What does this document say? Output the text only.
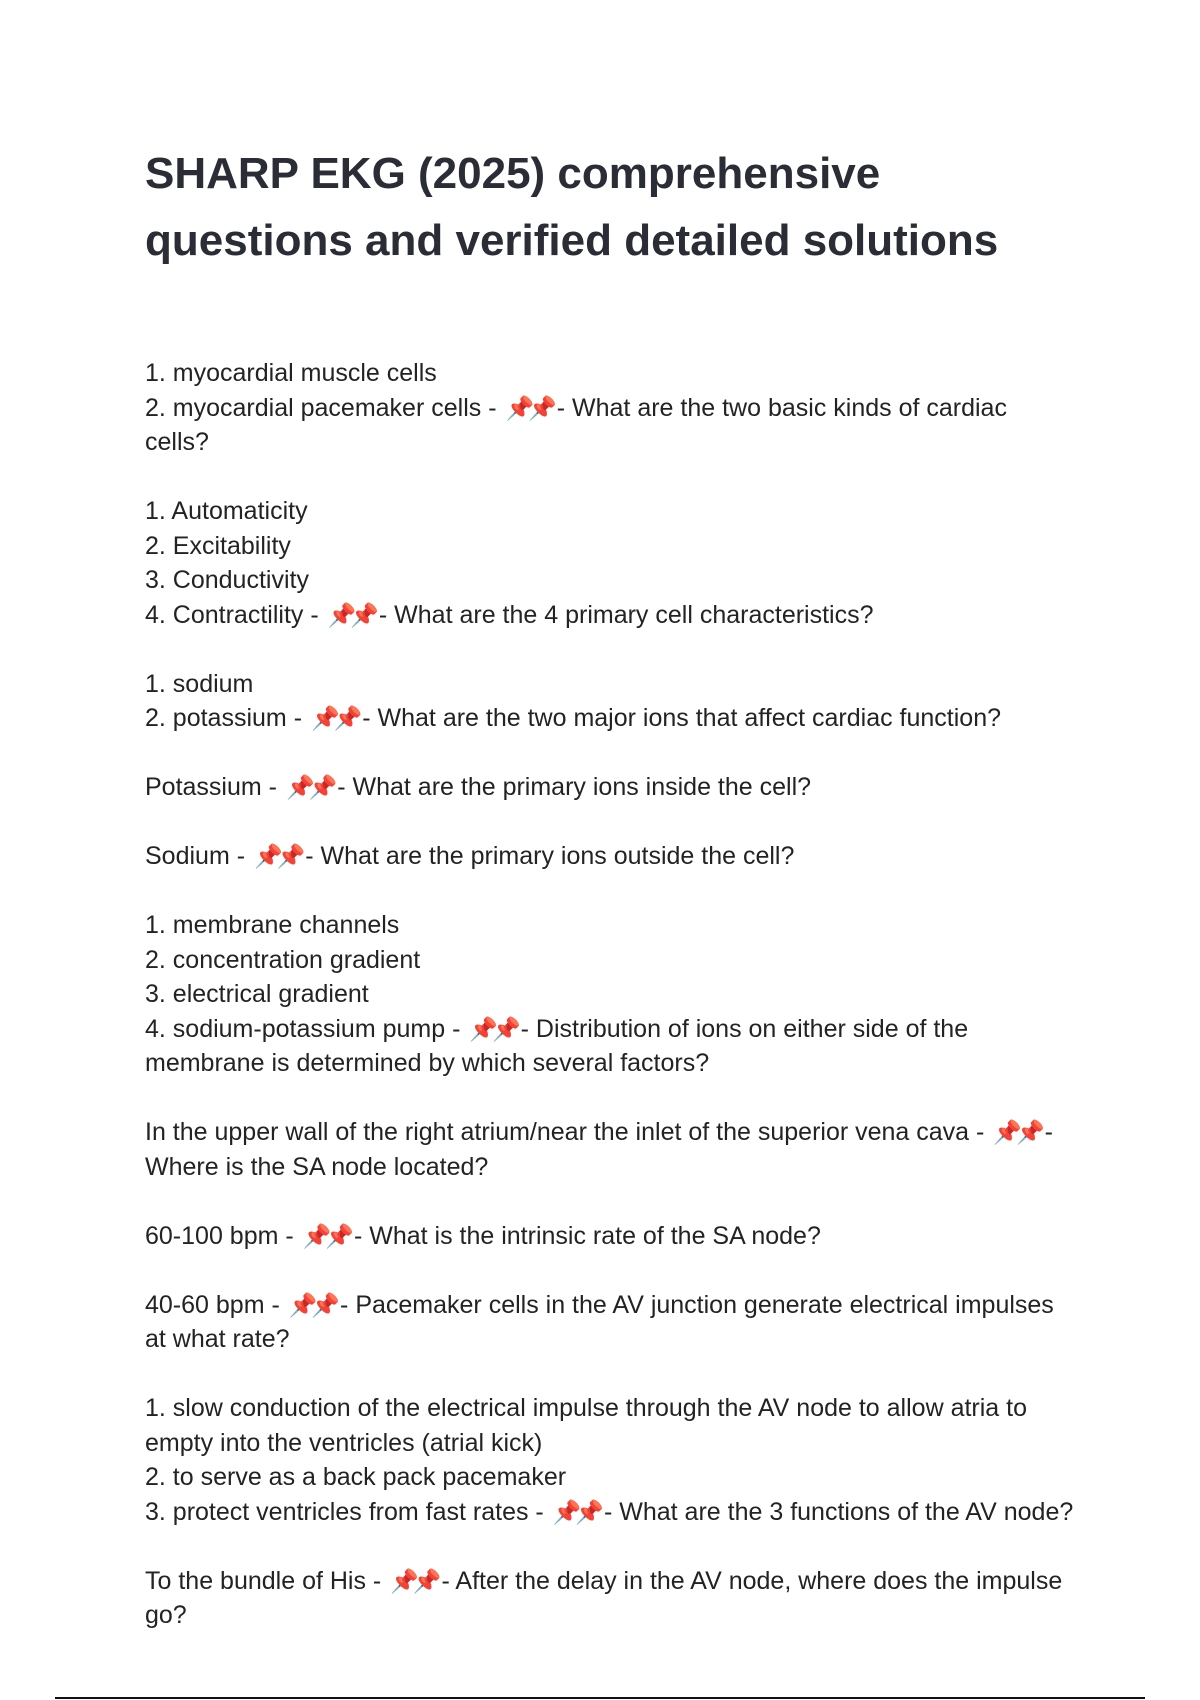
SHARP EKG (2025) comprehensive questions and verified detailed solutions
1. myocardial muscle cells
2. myocardial pacemaker cells - 📌📌 - What are the two basic kinds of cardiac cells?
1. Automaticity
2. Excitability
3. Conductivity
4. Contractility - 📌📌 - What are the 4 primary cell characteristics?
1. sodium
2. potassium - 📌📌 - What are the two major ions that affect cardiac function?
Potassium - 📌📌 - What are the primary ions inside the cell?
Sodium - 📌📌 - What are the primary ions outside the cell?
1. membrane channels
2. concentration gradient
3. electrical gradient
4. sodium-potassium pump - 📌📌 - Distribution of ions on either side of the membrane is determined by which several factors?
In the upper wall of the right atrium/near the inlet of the superior vena cava - 📌📌 - Where is the SA node located?
60-100 bpm - 📌📌 - What is the intrinsic rate of the SA node?
40-60 bpm - 📌📌 - Pacemaker cells in the AV junction generate electrical impulses at what rate?
1. slow conduction of the electrical impulse through the AV node to allow atria to empty into the ventricles (atrial kick)
2. to serve as a back pack pacemaker
3. protect ventricles from fast rates - 📌📌 - What are the 3 functions of the AV node?
To the bundle of His - 📌📌 - After the delay in the AV node, where does the impulse go?
